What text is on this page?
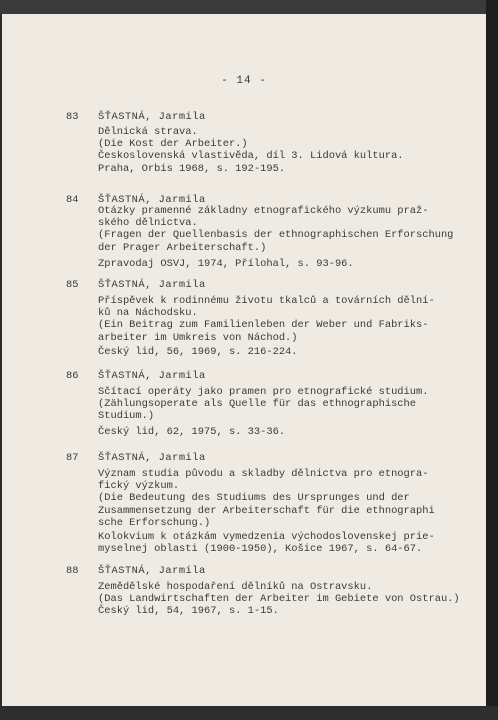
- 14 -
83 ŠŤASTNÁ, Jarmila
Dělnická strava.
(Die Kost der Arbeiter.)
Československá vlastivěda, díl 3. Lidová kultura.
Praha, Orbis 1968, s. 192-195.
84 ŠŤASTNÁ, Jarmila
Otázky pramenné základny etnografického výzkumu praž-
ského dělnictva.
(Fragen der Quellenbasis der ethnographischen Erforschung
der Prager Arbeiterschaft.)
Zpravodaj OSVJ, 1974, Přílohal, s. 93-96.
85 ŠŤASTNÁ, Jarmila
Příspěvek k rodinnému životu tkalců a továrních dělní-
ků na Náchodsku.
(Ein Beitrag zum Familienleben der Weber und Fabriks-
arbeiter im Umkreis von Náchod.)
Český lid, 56, 1969, s. 216-224.
86 ŠŤASTNÁ, Jarmila
Sčítací operáty jako pramen pro etnografické studium.
(Zählungsoperate als Quelle für das ethnographische
Studium.)
Český lid, 62, 1975, s. 33-36.
87 ŠŤASTNÁ, Jarmila
Význam studia původu a skladby dělnictva pro etnogra-
fický výzkum.
(Die Bedeutung des Studiums des Ursprunges und der
Zusammensetzung der Arbeiterschaft für die ethnographi
sche Erforschung.)
Kolokvium k otázkám vymedzenia východoslovenskej prie-
myselnej oblasti (1900-1950), Košice 1967, s. 64-67.
88 ŠŤASTNÁ, Jarmila
Zemědělské hospodaření dělníků na Ostravsku.
(Das Landwirtschaften der Arbeiter im Gebiete von Ostrau.)
Český lid, 54, 1967, s. 1-15.
